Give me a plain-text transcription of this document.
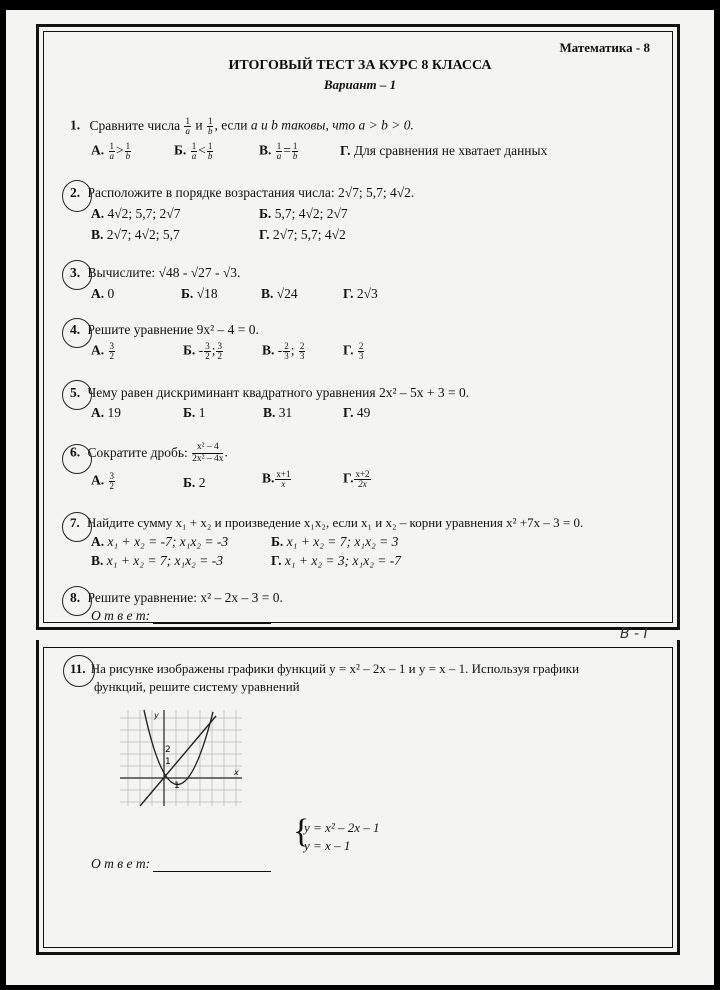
Математика - 8
ИТОГОВЫЙ ТЕСТ ЗА КУРС 8 КЛАССА
Вариант – 1
1. Сравните числа $\frac{1}{a}$ и $\frac{1}{b}$ , если a и b таковы, что a > b > 0.
А. $\frac{1}{a} > \frac{1}{b}$	Б. $\frac{1}{a} < \frac{1}{b}$	В. $\frac{1}{a} = \frac{1}{b}$	Г. Для сравнения не хватает данных
2. Расположите в порядке возрастания числа: 2√7; 5,7; 4√2.
А. 4√2; 5,7; 2√7	Б. 5,7; 4√2; 2√7
В. 2√7; 4√2; 5,7	Г. 2√7; 5,7; 4√2
3. Вычислите: √48 - √27 - √3.
А. 0	Б. √18	В. √24	Г. 2√3
4. Решите уравнение 9x² – 4 = 0.
А. $\frac{3}{2}$	Б. - $\frac{3}{2}$ ; $\frac{3}{2}$	В. - $\frac{2}{3}$ ; $\frac{2}{3}$	Г. $\frac{2}{3}$
5. Чему равен дискриминант квадратного уравнения 2x² – 5x + 3 = 0.
А. 19	Б. 1	В. 31	Г. 49
6. Сократите дробь: $\frac{\text{x² – 4}}{\text{2x² – 4x}}$ .
А. $\frac{3}{2}$	Б. 2	В. $\frac{x+1}{x}$	Г. $\frac{x+2}{2x}$
7. Найдите сумму x₁ + x₂ и произведение x₁x₂, если x₁ и x₂ – корни уравнения x² +7x – 3 = 0.
А. x₁ + x₂ = -7; x₁x₂ = -3	Б. x₁ + x₂ = 7; x₁x₂ = 3
В. x₁ + x₂ = 7; x₁x₂ = -3	Г. x₁ + x₂ = 3; x₁x₂ = -7
8. Решите уравнение: x² – 2x – 3 = 0.
О т в е т:
В - I
11. На рисунке изображены графики функций y = x² – 2x – 1 и y = x – 1. Используя графики
функций, решите систему уравнений
y
x
2
1
1
{
y = x² – 2x – 1
y = x – 1
О т в е т:
